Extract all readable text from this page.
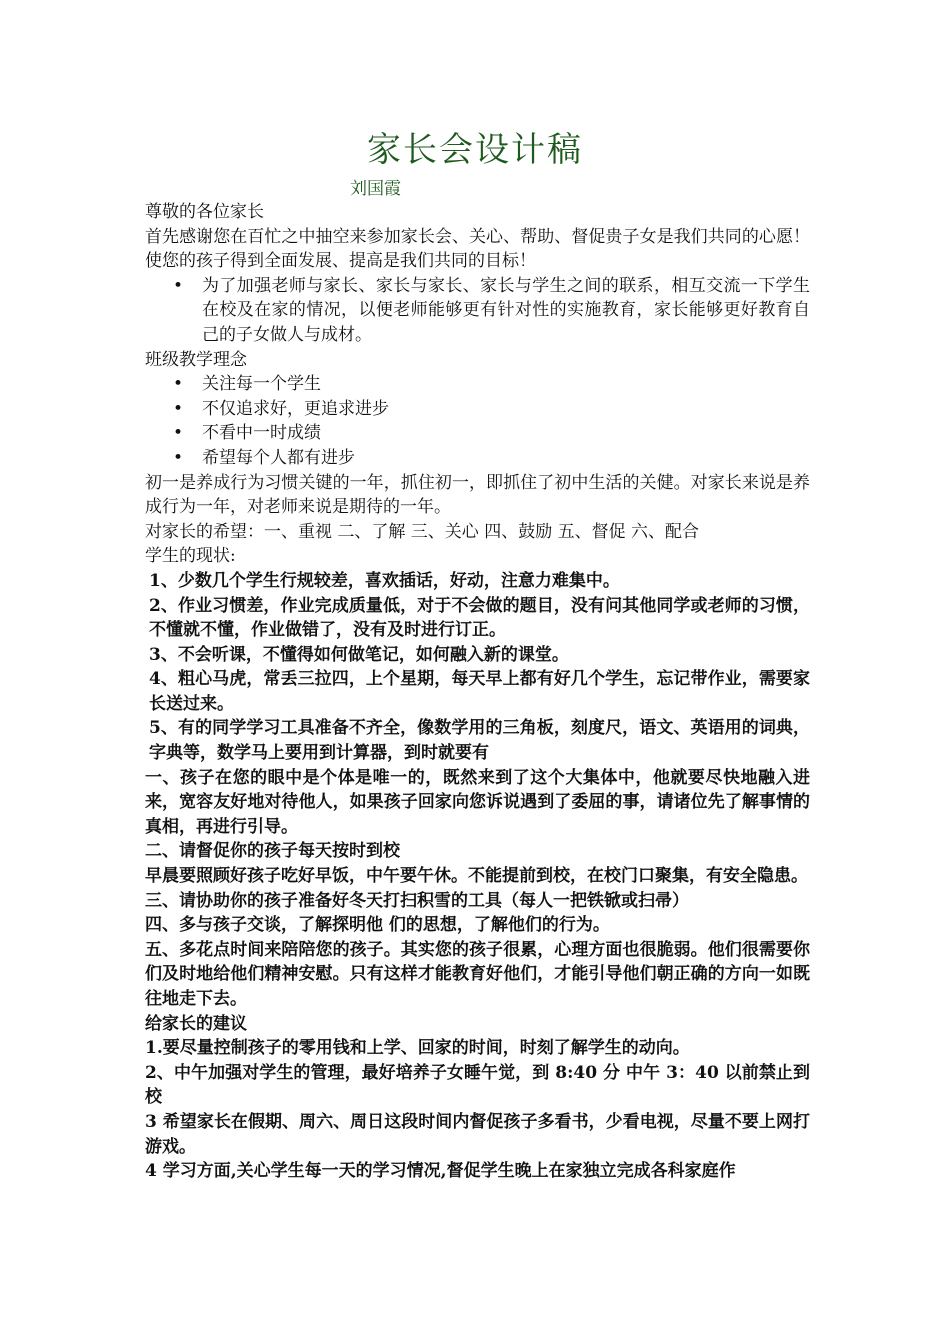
家长会设计稿
刘国霞

尊敬的各位家长

首先感谢您在百忙之中抽空来参加家长会、关心、帮助、督促贵子女是我们共同的心愿！使您的孩子得到全面发展、提高是我们共同的目标！

• 为了加强老师与家长、家长与家长、家长与学生之间的联系，相互交流一下学生在校及在家的情况，以便老师能够更有针对性的实施教育，家长能够更好教育自己的子女做人与成材。

班级教学理念

• 关注每一个学生
• 不仅追求好，更追求进步
• 不看中一时成绩
• 希望每个人都有进步

初一是养成行为习惯关键的一年，抓住初一，即抓住了初中生活的关健。对家长来说是养成行为一年，对老师来说是期待的一年。

对家长的希望：一、重视 二、了解 三、关心 四、鼓励 五、督促 六、配合

学生的现状:

1、少数几个学生行规较差，喜欢插话，好动，注意力难集中。

2、作业习惯差，作业完成质量低，对于不会做的题目，没有问其他同学或老师的习惯，不懂就不懂，作业做错了，没有及时进行订正。

3、不会听课，不懂得如何做笔记，如何融入新的课堂。

4、粗心马虎，常丢三拉四，上个星期，每天早上都有好几个学生，忘记带作业，需要家长送过来。

5、有的同学学习工具准备不齐全，像数学用的三角板，刻度尺，语文、英语用的词典，字典等，数学马上要用到计算器，到时就要有

一、孩子在您的眼中是个体是唯一的，既然来到了这个大集体中，他就要尽快地融入进来，宽容友好地对待他人，如果孩子回家向您诉说遇到了委屈的事，请诸位先了解事情的真相，再进行引导。

二、请督促你的孩子每天按时到校

早晨要照顾好孩子吃好早饭，中午要午休。不能提前到校，在校门口聚集，有安全隐患。

三、请协助你的孩子准备好冬天打扫积雪的工具（每人一把铁锨或扫帚）

四、多与孩子交谈，了解探明他 们的思想，了解他们的行为。

五、多花点时间来陪陪您的孩子。其实您的孩子很累，心理方面也很脆弱。他们很需要你们及时地给他们精神安慰。只有这样才能教育好他们，才能引导他们朝正确的方向一如既往地走下去。

给家长的建议

1.要尽量控制孩子的零用钱和上学、回家的时间，时刻了解学生的动向。

2、中午加强对学生的管理，最好培养子女睡午觉，到 8:40 分 中午 3：40 以前禁止到校

3 希望家长在假期、周六、周日这段时间内督促孩子多看书，少看电视，尽量不要上网打游戏。

4 学习方面,关心学生每一天的学习情况,督促学生晚上在家独立完成各科家庭作
